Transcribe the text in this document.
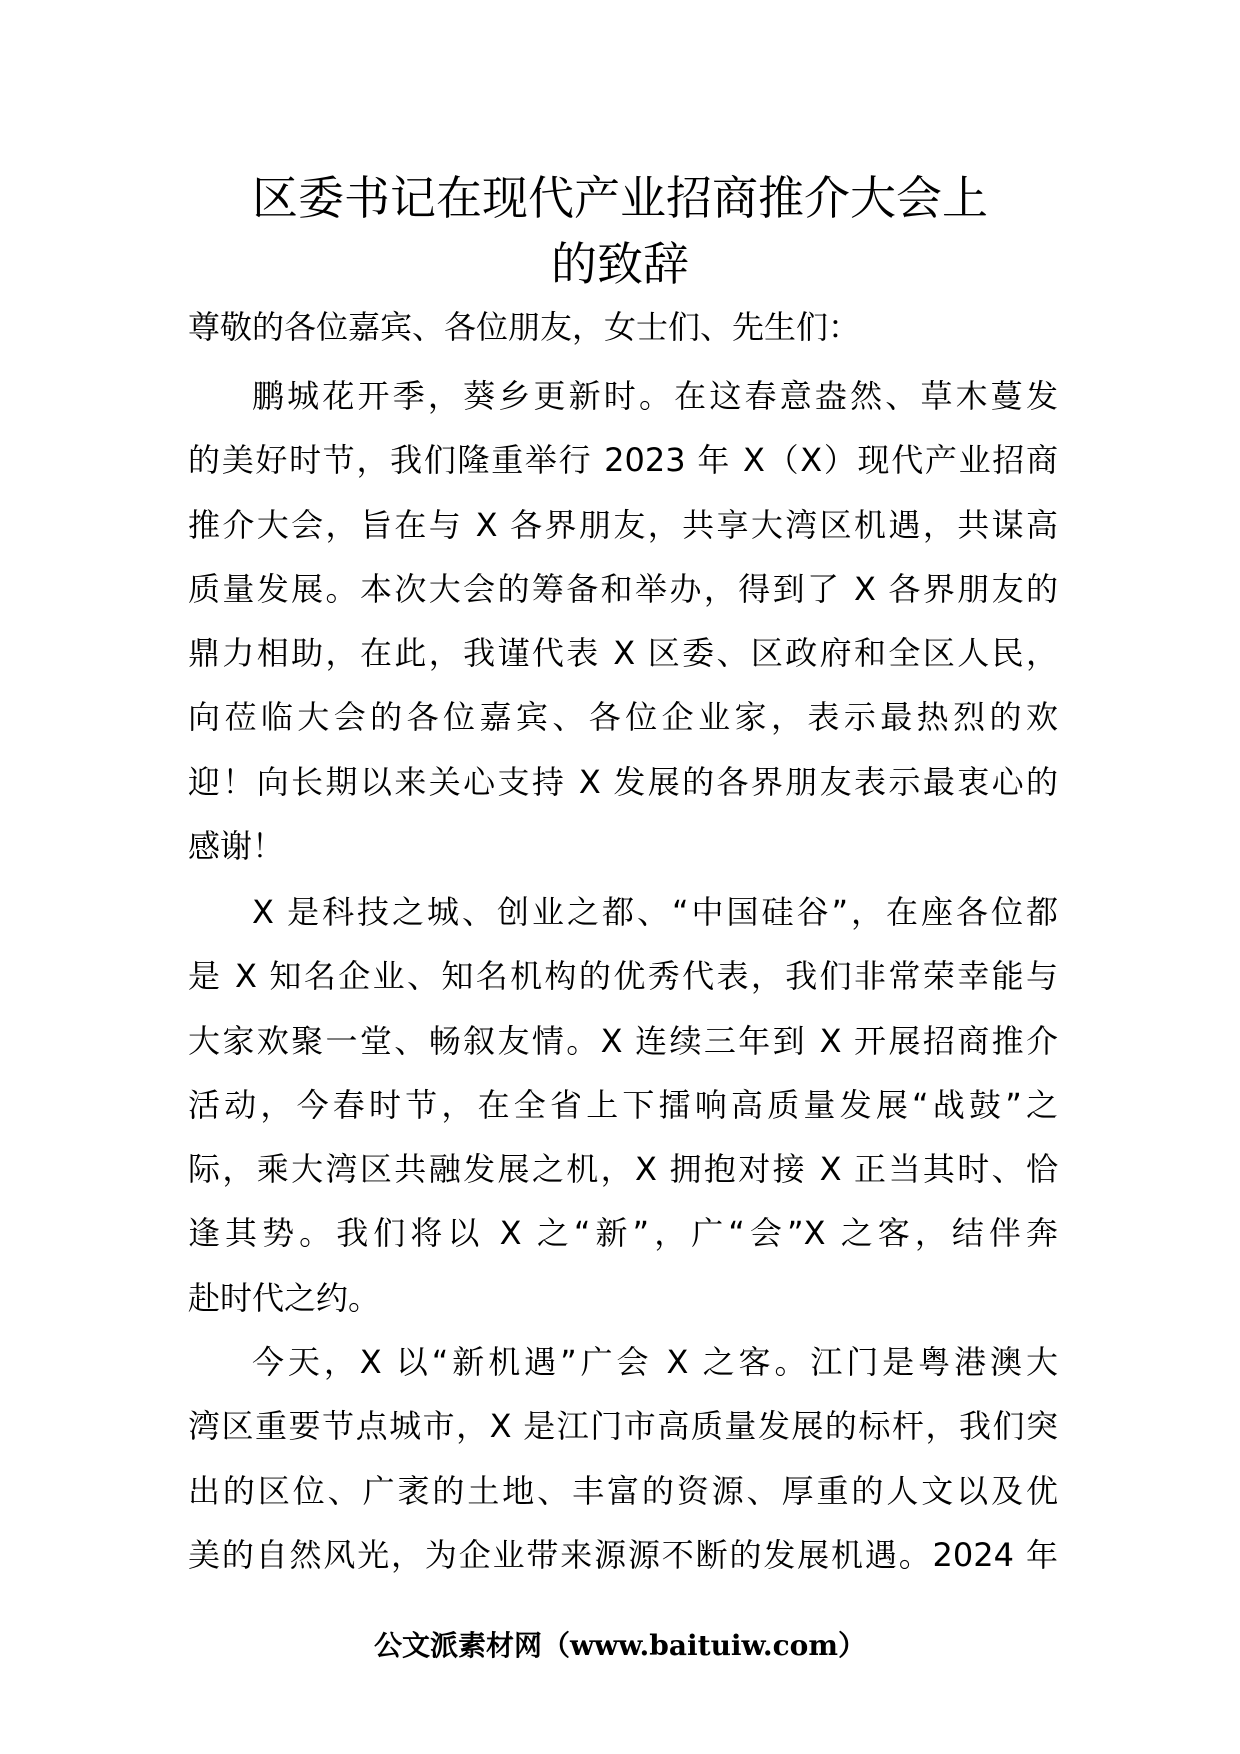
区委书记在现代产业招商推介大会上
的致辞
尊敬的各位嘉宾、各位朋友，女士们、先生们：
鹏城花开季，葵乡更新时。在这春意盎然、草木蔓发
的美好时节，我们隆重举行 2023 年 X（X）现代产业招商
推介大会，旨在与 X 各界朋友，共享大湾区机遇，共谋高
质量发展。本次大会的筹备和举办，得到了 X 各界朋友的
鼎力相助，在此，我谨代表 X 区委、区政府和全区人民，
向莅临大会的各位嘉宾、各位企业家，表示最热烈的欢
迎！向长期以来关心支持 X 发展的各界朋友表示最衷心的
感谢！
X 是科技之城、创业之都、“中国硅谷”，在座各位都
是 X 知名企业、知名机构的优秀代表，我们非常荣幸能与
大家欢聚一堂、畅叙友情。X 连续三年到 X 开展招商推介
活动，今春时节，在全省上下擂响高质量发展“战鼓”之
际，乘大湾区共融发展之机，X 拥抱对接 X 正当其时、恰
逢其势。我们将以 X 之“新”，广“会”X 之客，结伴奔
赴时代之约。
今天，X 以“新机遇”广会 X 之客。江门是粤港澳大
湾区重要节点城市，X 是江门市高质量发展的标杆，我们突
出的区位、广袤的土地、丰富的资源、厚重的人文以及优
美的自然风光，为企业带来源源不断的发展机遇。2024 年
公文派素材网（www.baituiw.com）
